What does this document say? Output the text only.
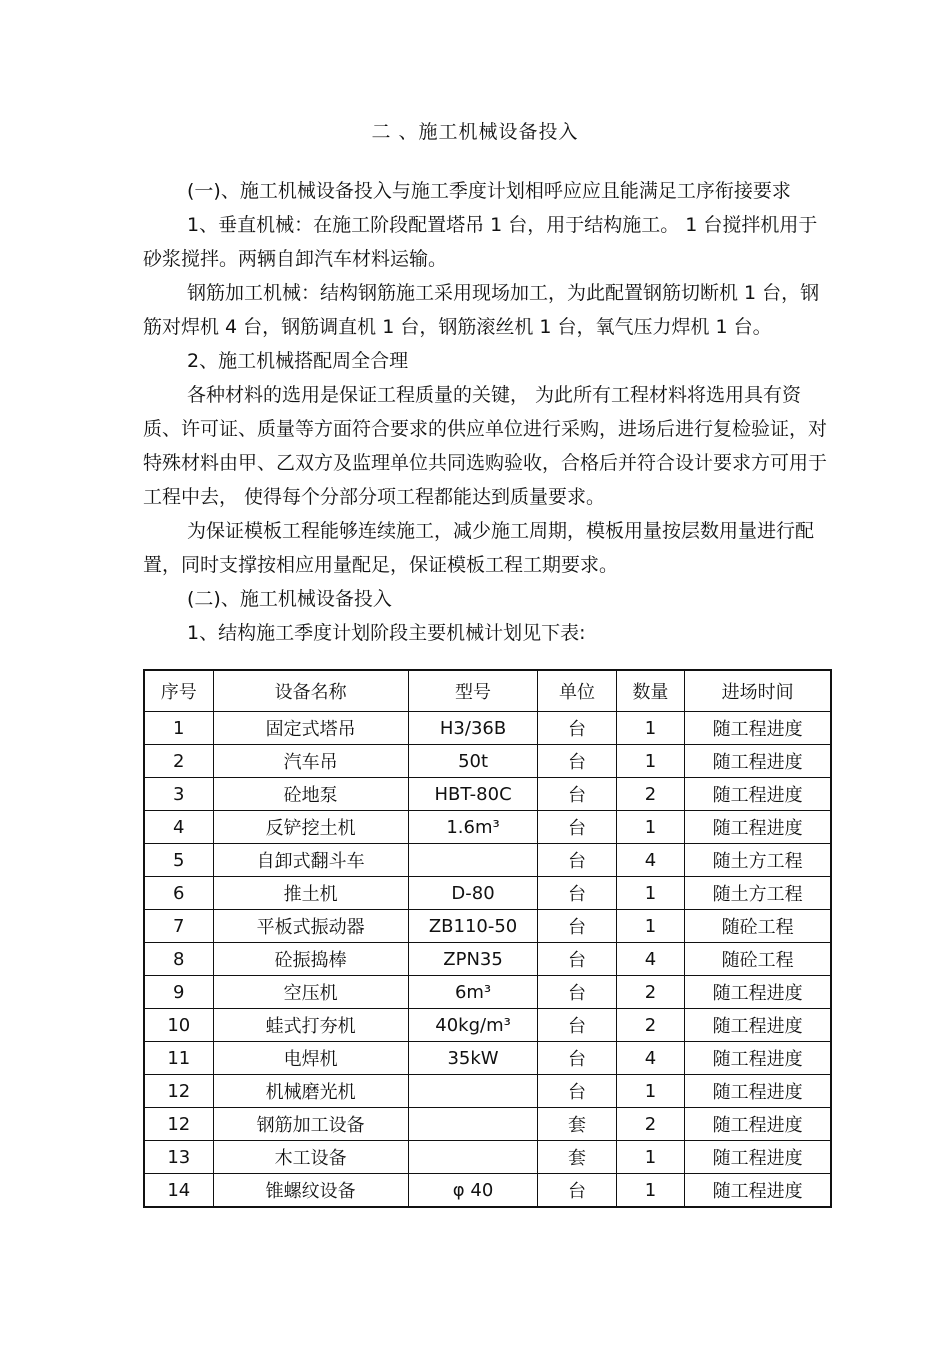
二 、施工机械设备投入

(一)、施工机械设备投入与施工季度计划相呼应应且能满足工序衔接要求

1、垂直机械：在施工阶段配置塔吊 1 台，用于结构施工。 1 台搅拌机用于砂浆搅拌。两辆自卸汽车材料运输。

钢筋加工机械：结构钢筋施工采用现场加工，为此配置钢筋切断机 1 台，钢筋对焊机 4 台，钢筋调直机 1 台，钢筋滚丝机 1 台，氧气压力焊机 1 台。

2、施工机械搭配周全合理

各种材料的选用是保证工程质量的关键， 为此所有工程材料将选用具有资质、许可证、质量等方面符合要求的供应单位进行采购，进场后进行复检验证，对特殊材料由甲、乙双方及监理单位共同选购验收，合格后并符合设计要求方可用于工程中去， 使得每个分部分项工程都能达到质量要求。

为保证模板工程能够连续施工，减少施工周期，模板用量按层数用量进行配置，同时支撑按相应用量配足，保证模板工程工期要求。

(二)、施工机械设备投入

1、结构施工季度计划阶段主要机械计划见下表:

序号	设备名称	型号	单位	数量	进场时间
1	固定式塔吊	H3/36B	台	1	随工程进度
2	汽车吊	50t	台	1	随工程进度
3	砼地泵	HBT-80C	台	2	随工程进度
4	反铲挖土机	1.6m³	台	1	随工程进度
5	自卸式翻斗车		台	4	随土方工程
6	推土机	D-80	台	1	随土方工程
7	平板式振动器	ZB110-50	台	1	随砼工程
8	砼振捣棒	ZPN35	台	4	随砼工程
9	空压机	6m³	台	2	随工程进度
10	蛙式打夯机	40kg/m³	台	2	随工程进度
11	电焊机	35kW	台	4	随工程进度
12	机械磨光机		台	1	随工程进度
12	钢筋加工设备		套	2	随工程进度
13	木工设备		套	1	随工程进度
14	锥螺纹设备	φ 40	台	1	随工程进度
